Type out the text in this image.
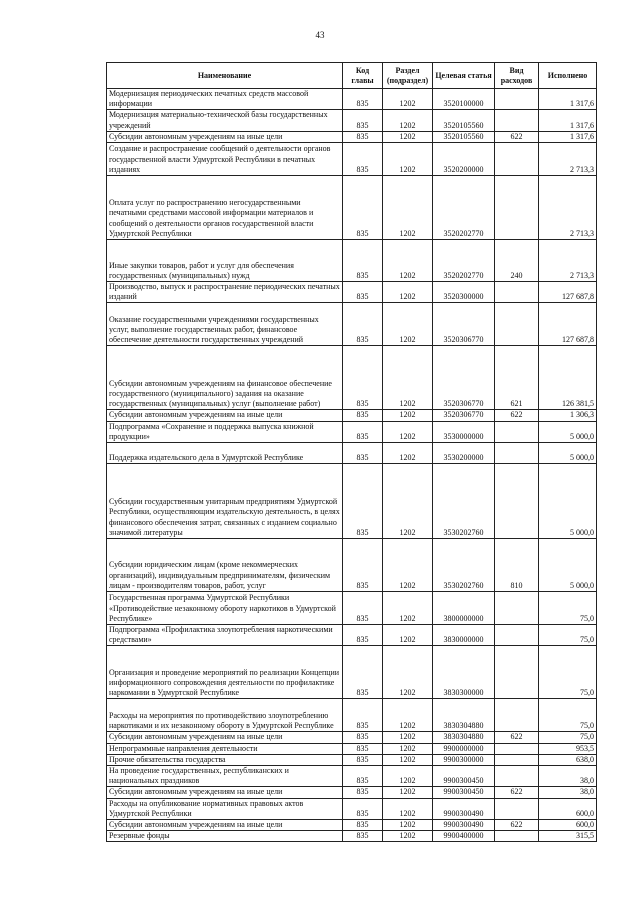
43
Наименование	Код главы	Раздел (подраздел)	Целевая статья	Вид расходов	Исполнено
Модернизация периодических печатных средств массовой информации	835	1202	3520100000		1 317,6
Модернизация материально-технической базы государственных учреждений	835	1202	3520105560		1 317,6
Субсидии автономным учреждениям на иные цели	835	1202	3520105560	622	1 317,6
Создание и распространение сообщений о деятельности органов государственной власти Удмуртской Республики в печатных изданиях	835	1202	3520200000		2 713,3
Оплата услуг по распространению негосударственными печатными средствами массовой информации материалов и сообщений о деятельности органов государственной власти Удмуртской Республики	835	1202	3520202770		2 713,3
Иные закупки товаров, работ и услуг для обеспечения государственных (муниципальных) нужд	835	1202	3520202770	240	2 713,3
Производство, выпуск и распространение периодических печатных изданий	835	1202	3520300000		127 687,8
Оказание государственными учреждениями государственных услуг, выполнение государственных работ, финансовое обеспечение деятельности государственных учреждений	835	1202	3520306770		127 687,8
Субсидии автономным учреждениям на финансовое обеспечение государственного (муниципального) задания на оказание государственных (муниципальных) услуг (выполнение работ)	835	1202	3520306770	621	126 381,5
Субсидии автономным учреждениям на иные цели	835	1202	3520306770	622	1 306,3
Подпрограмма «Сохранение и поддержка выпуска книжной продукции»	835	1202	3530000000		5 000,0
Поддержка издательского дела в Удмуртской Республике	835	1202	3530200000		5 000,0
Субсидии государственным унитарным предприятиям Удмуртской Республики, осуществляющим издательскую деятельность, в целях финансового обеспечения затрат, связанных с изданием социально значимой литературы	835	1202	3530202760		5 000,0
Субсидии юридическим лицам (кроме некоммерческих организаций), индивидуальным предпринимателям, физическим лицам - производителям товаров, работ, услуг	835	1202	3530202760	810	5 000,0
Государственная программа Удмуртской Республики «Противодействие незаконному обороту наркотиков в Удмуртской Республике»	835	1202	3800000000		75,0
Подпрограмма «Профилактика злоупотребления наркотическими средствами»	835	1202	3830000000		75,0
Организация и проведение мероприятий по реализации Концепции информационного сопровождения деятельности по профилактике наркомании в Удмуртской Республике	835	1202	3830300000		75,0
Расходы на мероприятия по противодействию злоупотреблению наркотиками и их незаконному обороту в Удмуртской Республике	835	1202	3830304880		75,0
Субсидии автономным учреждениям на иные цели	835	1202	3830304880	622	75,0
Непрограммные направления деятельности	835	1202	9900000000		953,5
Прочие обязательства государства	835	1202	9900300000		638,0
На проведение государственных, республиканских и национальных праздников	835	1202	9900300450		38,0
Субсидии автономным учреждениям на иные цели	835	1202	9900300450	622	38,0
Расходы на опубликование нормативных правовых актов Удмуртской Республики	835	1202	9900300490		600,0
Субсидии автономным учреждениям на иные цели	835	1202	9900300490	622	600,0
Резервные фонды	835	1202	9900400000		315,5
